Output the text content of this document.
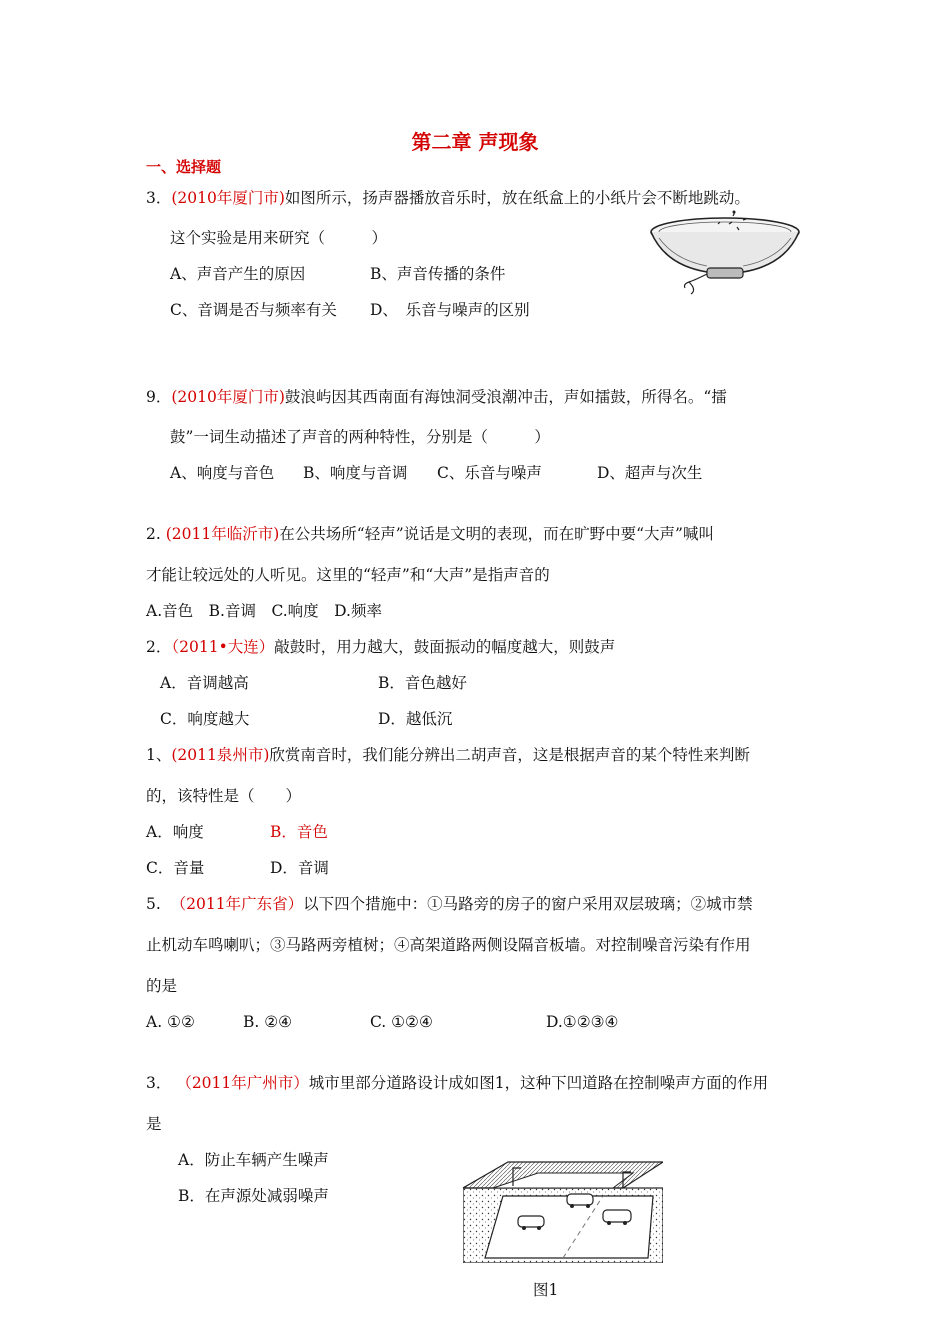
第二章 声现象
一、选择题
3．(2010年厦门市)如图所示，扬声器播放音乐时，放在纸盒上的小纸片会不断地跳动。
这个实验是用来研究（　　　）
A、声音产生的原因	B、声音传播的条件
C、音调是否与频率有关 D、　乐音与噪声的区别
9．(2010年厦门市)鼓浪屿因其西南面有海蚀洞受浪潮冲击，声如擂鼓，所得名。“擂
鼓”一词生动描述了声音的两种特性，分别是（　　　）
A、响度与音色 B、响度与音调 C、乐音与噪声	D、超声与次生
2. (2011年临沂市)在公共场所“轻声”说话是文明的表现，而在旷野中要“大声”喊叫
才能让较远处的人听见。这里的“轻声”和“大声”是指声音的
A.音色　B.音调　C.响度　D.频率
2．（2011•大连）敲鼓时，用力越大，鼓面振动的幅度越大，则鼓声
A．音调越高	B．音色越好
C．响度越大	D．越低沉
1、(2011泉州市)欣赏南音时，我们能分辨出二胡声音，这是根据声音的某个特性来判断
的，该特性是（　　）
A．响度	B．音色
C．音量	D．音调
5. （2011年广东省）以下四个措施中：①马路旁的房子的窗户采用双层玻璃；②城市禁
止机动车鸣喇叭；③马路两旁植树；④高架道路两侧设隔音板墙。对控制噪音污染有作用
的是
A. ①②	B. ②④	C. ①②④	D.①②③④
3． （2011年广州市）城市里部分道路设计成如图1，这种下凹道路在控制噪声方面的作用
是
A．防止车辆产生噪声
B．在声源处减弱噪声
图1
